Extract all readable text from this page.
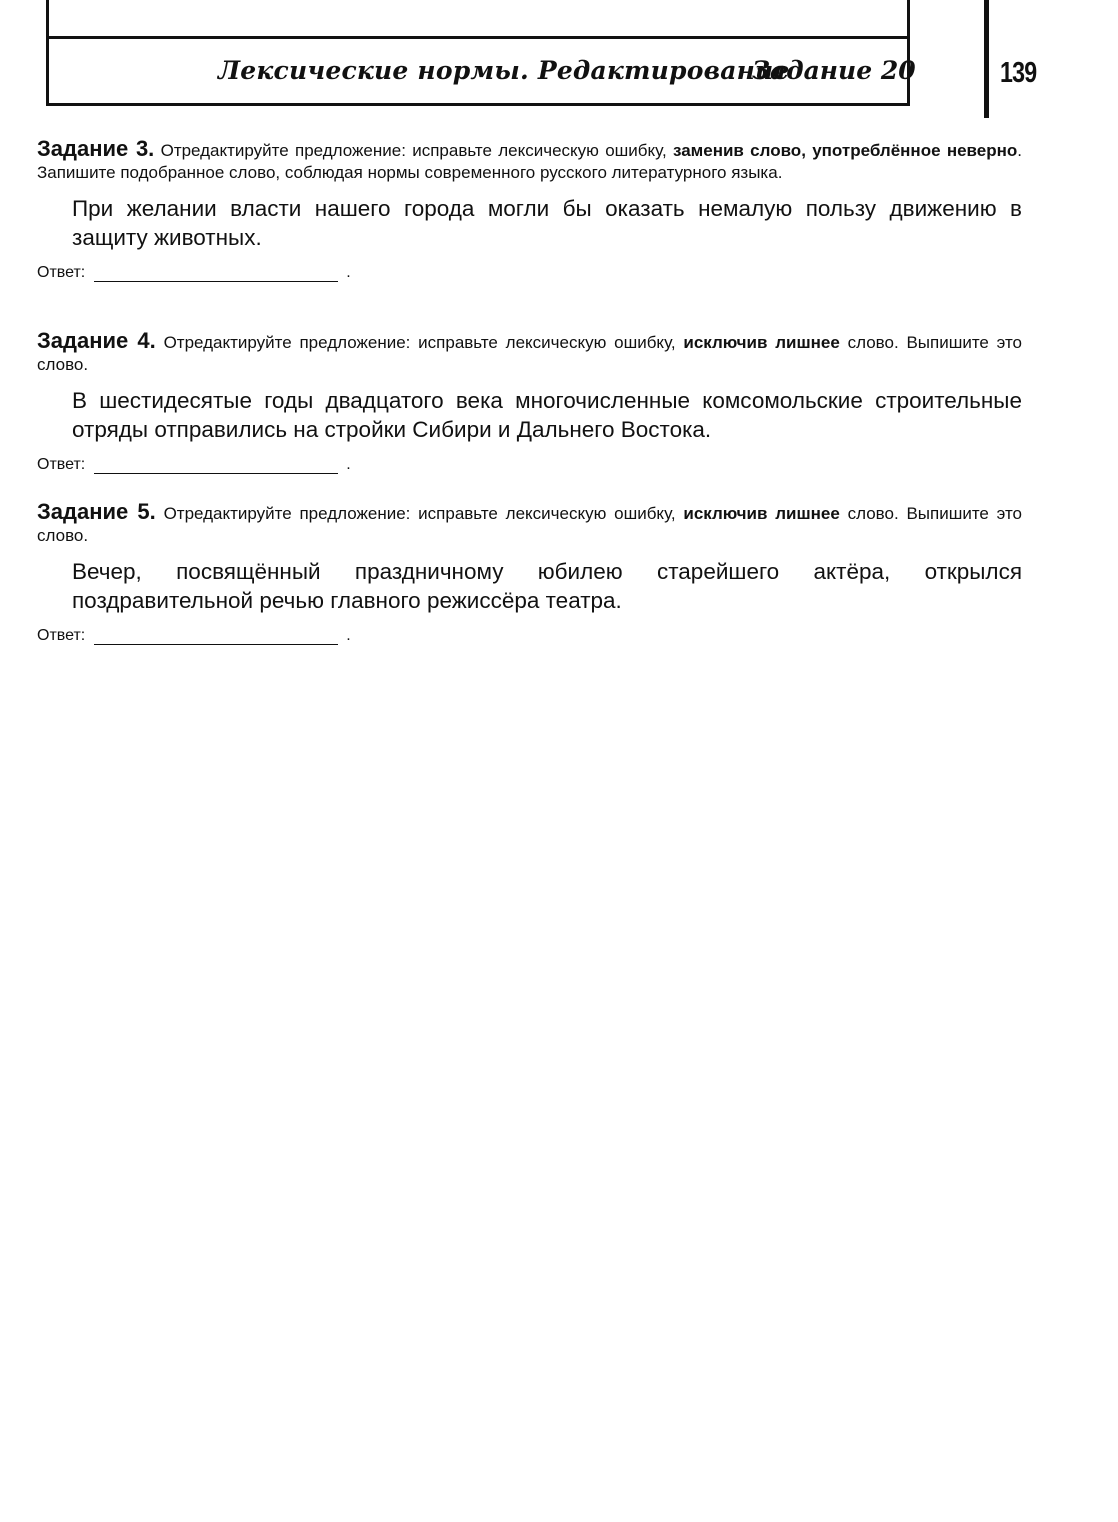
Лексические нормы. Редактирование
Задание 20	139
Задание 3. Отредактируйте предложение: исправьте лексическую ошибку, заменив слово, употреблённое неверно. Запишите подобранное слово, соблюдая нормы современного русского литературного языка.
При желании власти нашего города могли бы оказать немалую пользу движению в защиту животных.
Ответ:	.
Задание 4. Отредактируйте предложение: исправьте лексическую ошибку, исключив лишнее слово. Выпишите это слово.
В шестидесятые годы двадцатого века многочисленные комсомольские строительные отряды отправились на стройки Сибири и Дальнего Востока.
Ответ:	.
Задание 5. Отредактируйте предложение: исправьте лексическую ошибку, исключив лишнее слово. Выпишите это слово.
Вечер, посвящённый праздничному юбилею старейшего актёра, открылся поздравительной речью главного режиссёра театра.
Ответ:	.
